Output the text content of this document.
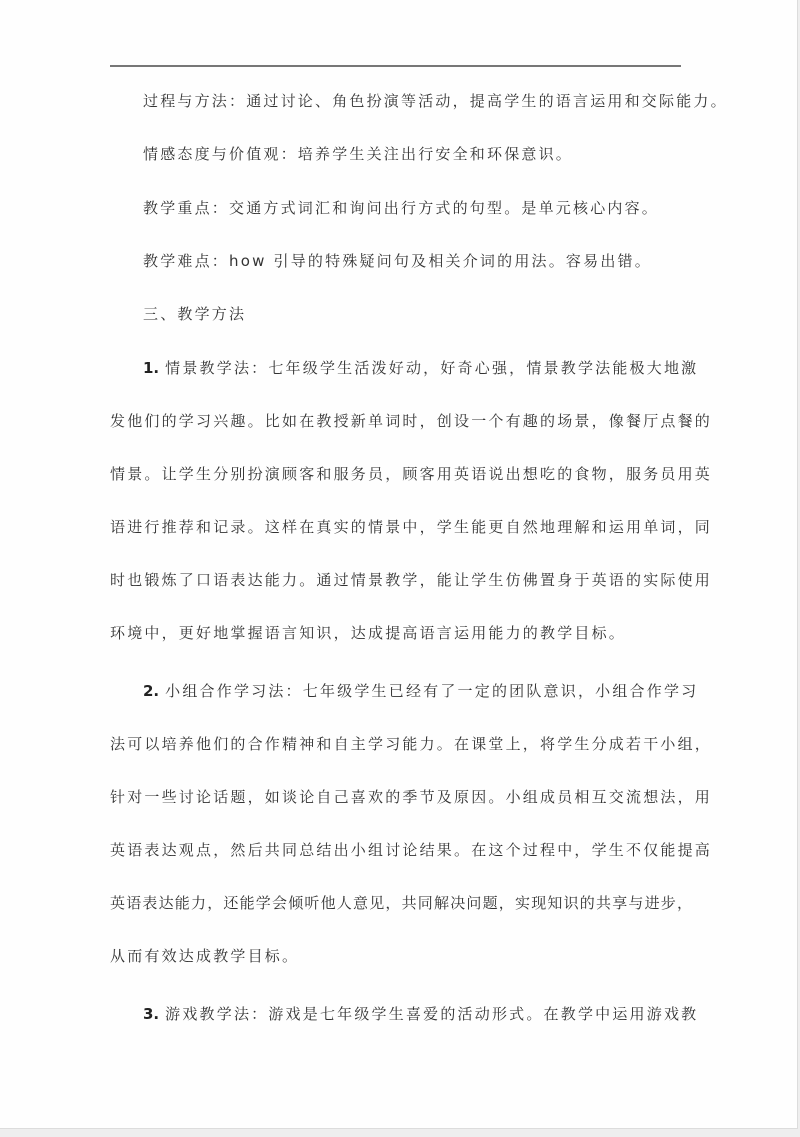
过程与方法：通过讨论、角色扮演等活动，提高学生的语言运用和交际能力。
情感态度与价值观：培养学生关注出行安全和环保意识。
教学重点：交通方式词汇和询问出行方式的句型。是单元核心内容。
教学难点：how 引导的特殊疑问句及相关介词的用法。容易出错。
三、教学方法
1. 情景教学法：七年级学生活泼好动，好奇心强，情景教学法能极大地激
发他们的学习兴趣。比如在教授新单词时，创设一个有趣的场景，像餐厅点餐的
情景。让学生分别扮演顾客和服务员，顾客用英语说出想吃的食物，服务员用英
语进行推荐和记录。这样在真实的情景中，学生能更自然地理解和运用单词，同
时也锻炼了口语表达能力。通过情景教学，能让学生仿佛置身于英语的实际使用
环境中，更好地掌握语言知识，达成提高语言运用能力的教学目标。
2. 小组合作学习法：七年级学生已经有了一定的团队意识，小组合作学习
法可以培养他们的合作精神和自主学习能力。在课堂上，将学生分成若干小组，
针对一些讨论话题，如谈论自己喜欢的季节及原因。小组成员相互交流想法，用
英语表达观点，然后共同总结出小组讨论结果。在这个过程中，学生不仅能提高
英语表达能力，还能学会倾听他人意见，共同解决问题，实现知识的共享与进步，
从而有效达成教学目标。
3. 游戏教学法：游戏是七年级学生喜爱的活动形式。在教学中运用游戏教
